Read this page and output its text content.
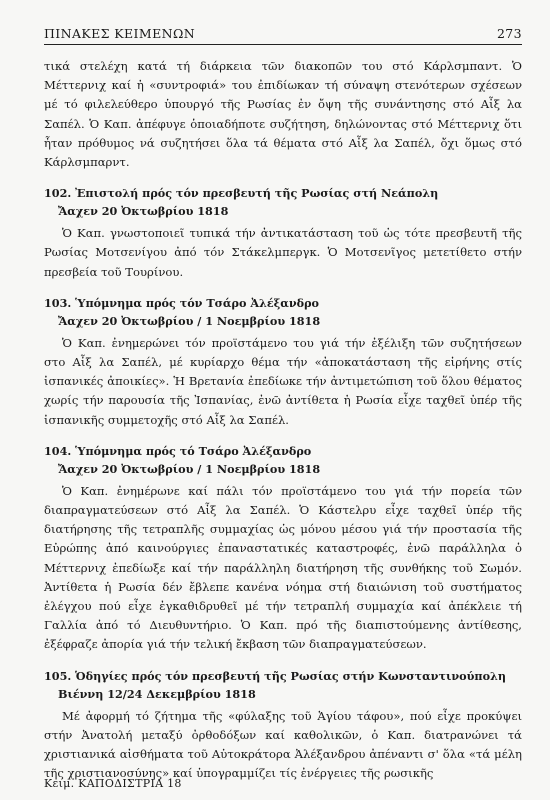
ΠΙΝΑΚΕΣ ΚΕΙΜΕΝΩΝ	273

τικά στελέχη κατά τή διάρκεια τῶν διακοπῶν του στό Κάρλσμπαντ. Ὁ Μέττερνιχ καί ἡ «συντροφιά» του ἐπιδίωκαν τή σύναψη στενότερων σχέσεων μέ τό φιλελεύθερο ὑπουργό τῆς Ρωσίας ἐν ὄψη τῆς συνάντησης στό Αἶξ λα Σαπέλ. Ὁ Καπ. ἀπέφυγε ὁποιαδήποτε συζήτηση, δηλώνοντας στό Μέττερνιχ ὅτι ἦταν πρόθυμος νά συζητήσει ὅλα τά θέματα στό Αἶξ λα Σαπέλ, ὄχι ὅμως στό Κάρλσμπαρντ.

102. Ἐπιστολή πρός τόν πρεσβευτή τῆς Ρωσίας στή Νεάπολη
Ἄαχεν 20 Ὀκτωβρίου 1818

Ὁ Καπ. γνωστοποιεῖ τυπικά τήν ἀντικατάσταση τοῦ ὡς τότε πρεσβευτῆ τῆς Ρωσίας Μοτσενίγου ἀπό τόν Στάκελμπεργκ. Ὁ Μοτσενῖγος μετετίθετο στήν πρεσβεία τοῦ Τουρίνου.

103. Ὑπόμνημα πρός τόν Τσάρο Ἀλέξανδρο
Ἄαχεν 20 Ὀκτωβρίου / 1 Νοεμβρίου 1818

Ὁ Καπ. ἐνημερώνει τόν προϊστάμενο του γιά τήν ἐξέλιξη τῶν συζητήσεων στο Αἶξ λα Σαπέλ, μέ κυρίαρχο θέμα τήν «ἀποκατάσταση τῆς εἰρήνης στίς ἰσπανικές ἀποικίες». Ἡ Βρετανία ἐπεδίωκε τήν ἀντιμετώπιση τοῦ ὅλου θέματος χωρίς τήν παρουσία τῆς Ἰσπανίας, ἐνῶ ἀντίθετα ἡ Ρωσία εἶχε ταχθεῖ ὑπέρ τῆς ἰσπανικῆς συμμετοχῆς στό Αἶξ λα Σαπέλ.

104. Ὑπόμνημα πρός τό Τσάρο Ἀλέξανδρο
Ἄαχεν 20 Ὀκτωβρίου / 1 Νοεμβρίου 1818

Ὁ Καπ. ἐνημέρωνε καί πάλι τόν προϊστάμενο του γιά τήν πορεία τῶν διαπραγματεύσεων στό Αἶξ λα Σαπέλ. Ὁ Κάστελρυ εἶχε ταχθεῖ ὑπέρ τῆς διατήρησης τῆς τετραπλῆς συμμαχίας ὡς μόνου μέσου γιά τήν προστασία τῆς Εὐρώπης ἀπό καινούργιες ἐπαναστατικές καταστροφές, ἐνῶ παράλληλα ὁ Μέττερνιχ ἐπεδίωξε καί τήν παράλληλη διατήρηση τῆς συνθήκης τοῦ Σωμόν. Ἀντίθετα ἡ Ρωσία δέν ἔβλεπε κανένα νόημα στή διαιώνιση τοῦ συστήματος ἐλέγχου πού εἶχε ἐγκαθιδρυθεῖ μέ τήν τετραπλή συμμαχία καί ἀπέκλειε τή Γαλλία ἀπό τό Διευθυντήριο. Ὁ Καπ. πρό τῆς διαπιστούμενης ἀντίθεσης, ἐξέφραζε ἀπορία γιά τήν τελική ἔκβαση τῶν διαπραγματεύσεων.

105. Ὁδηγίες πρός τόν πρεσβευτή τῆς Ρωσίας στήν Κωνσταντινούπολη
Βιέννη 12/24 Δεκεμβρίου 1818

Μέ ἀφορμή τό ζήτημα τῆς «φύλαξης τοῦ Ἁγίου τάφου», πού εἶχε προκύψει στήν Ἀνατολή μεταξύ ὀρθοδόξων καί καθολικῶν, ὁ Καπ. διατρανώνει τά χριστιανικά αἰσθήματα τοῦ Αὐτοκράτορα Ἀλέξανδρου ἀπέναντι σ' ὅλα «τά μέλη τῆς χριστιανοσύνης» καί ὑπογραμμίζει τίς ἐνέργειες τῆς ρωσικῆς

Κειμ. ΚΑΠΟΔΙΣΤΡΙΑ 18
